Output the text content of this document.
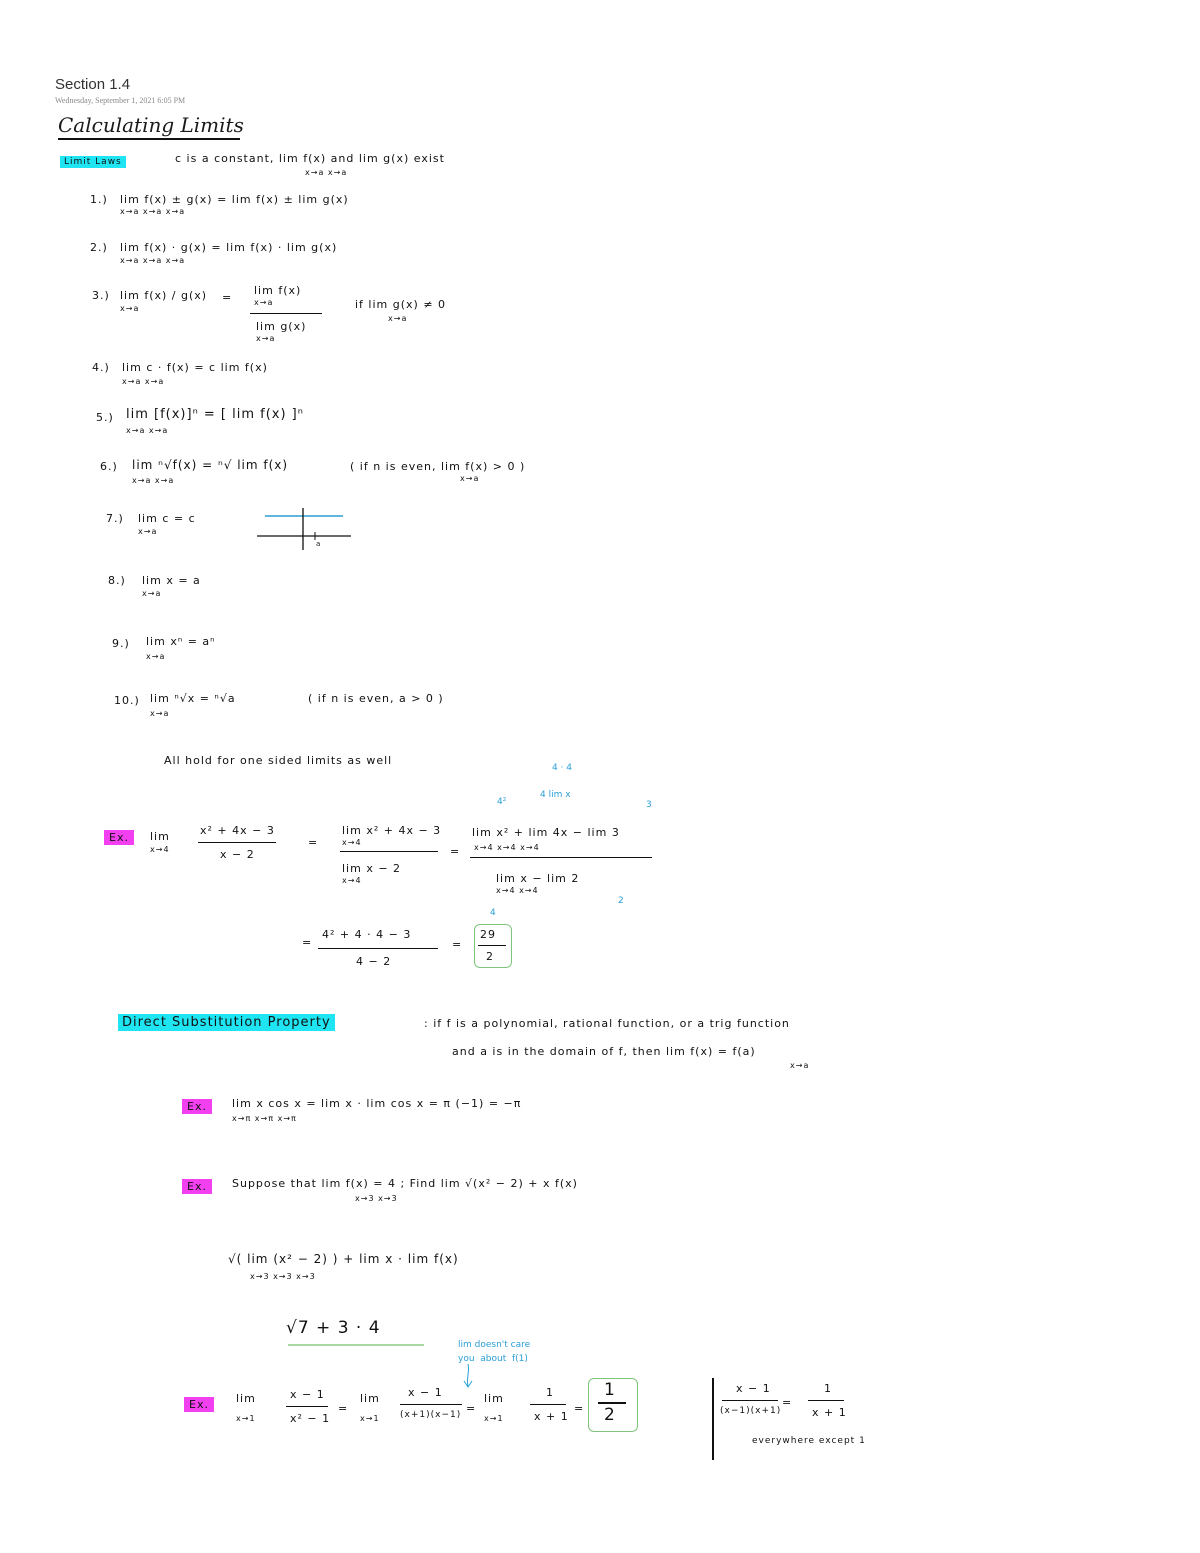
Section 1.4
Wednesday, September 1, 2021 6:05 PM
Calculating Limits
Limit Laws	c is a constant, lim f(x) and lim g(x) exist
x→a x→a
1.) lim f(x) ± g(x) = lim f(x) ± lim g(x)
x→a x→a x→a
2.) lim f(x) · g(x) = lim f(x) · lim g(x)
x→a x→a x→a
3.) lim f(x) / g(x)
x→a
=
lim f(x)
x→a
lim g(x)
x→a
if lim g(x) ≠ 0
x→a
4.) lim c · f(x) = c lim f(x)
x→a x→a
5.) lim [f(x)]ⁿ = [ lim f(x) ]ⁿ
x→a x→a
6.) lim ⁿ√f(x) = ⁿ√ lim f(x)
x→a x→a
( if n is even, lim f(x) > 0 )
x→a
7.) lim c = c
x→a
a
8.) lim x = a
x→a
9.) lim xⁿ = aⁿ
x→a
10.) lim ⁿ√x = ⁿ√a
x→a
( if n is even, a > 0 )
All hold for one sided limits as well
Ex.	lim
x→4
x² + 4x − 3
x − 2
=
lim x² + 4x − 3
x→4
lim x − 2
x→4
=
lim x² + lim 4x − lim 3
x→4 x→4 x→4
lim x − lim 2
x→4 x→4
4 · 4
4 lim x
4²	3
4
2
=
4² + 4 · 4 − 3
4 − 2
=
29
2
Direct Substitution Property	: if f is a polynomial, rational function, or a trig function
and a is in the domain of f, then lim f(x) = f(a)
x→a
Ex.	lim x cos x = lim x · lim cos x = π (−1) = −π
x→π x→π x→π
Ex.	Suppose that lim f(x) = 4 ; Find lim √(x² − 2) + x f(x)
x→3 x→3
√( lim (x² − 2) ) + lim x · lim f(x)
x→3 x→3 x→3
√7 + 3 · 4
Ex.	lim
x→1
x − 1
x² − 1
=
lim
x→1
x − 1
(x+1)(x−1) =
lim
x→1
1
x + 1
=
1
2
lim doesn't care
you  about  f(1)
x − 1
(x−1)(x+1)
=
1
x + 1
everywhere except 1
